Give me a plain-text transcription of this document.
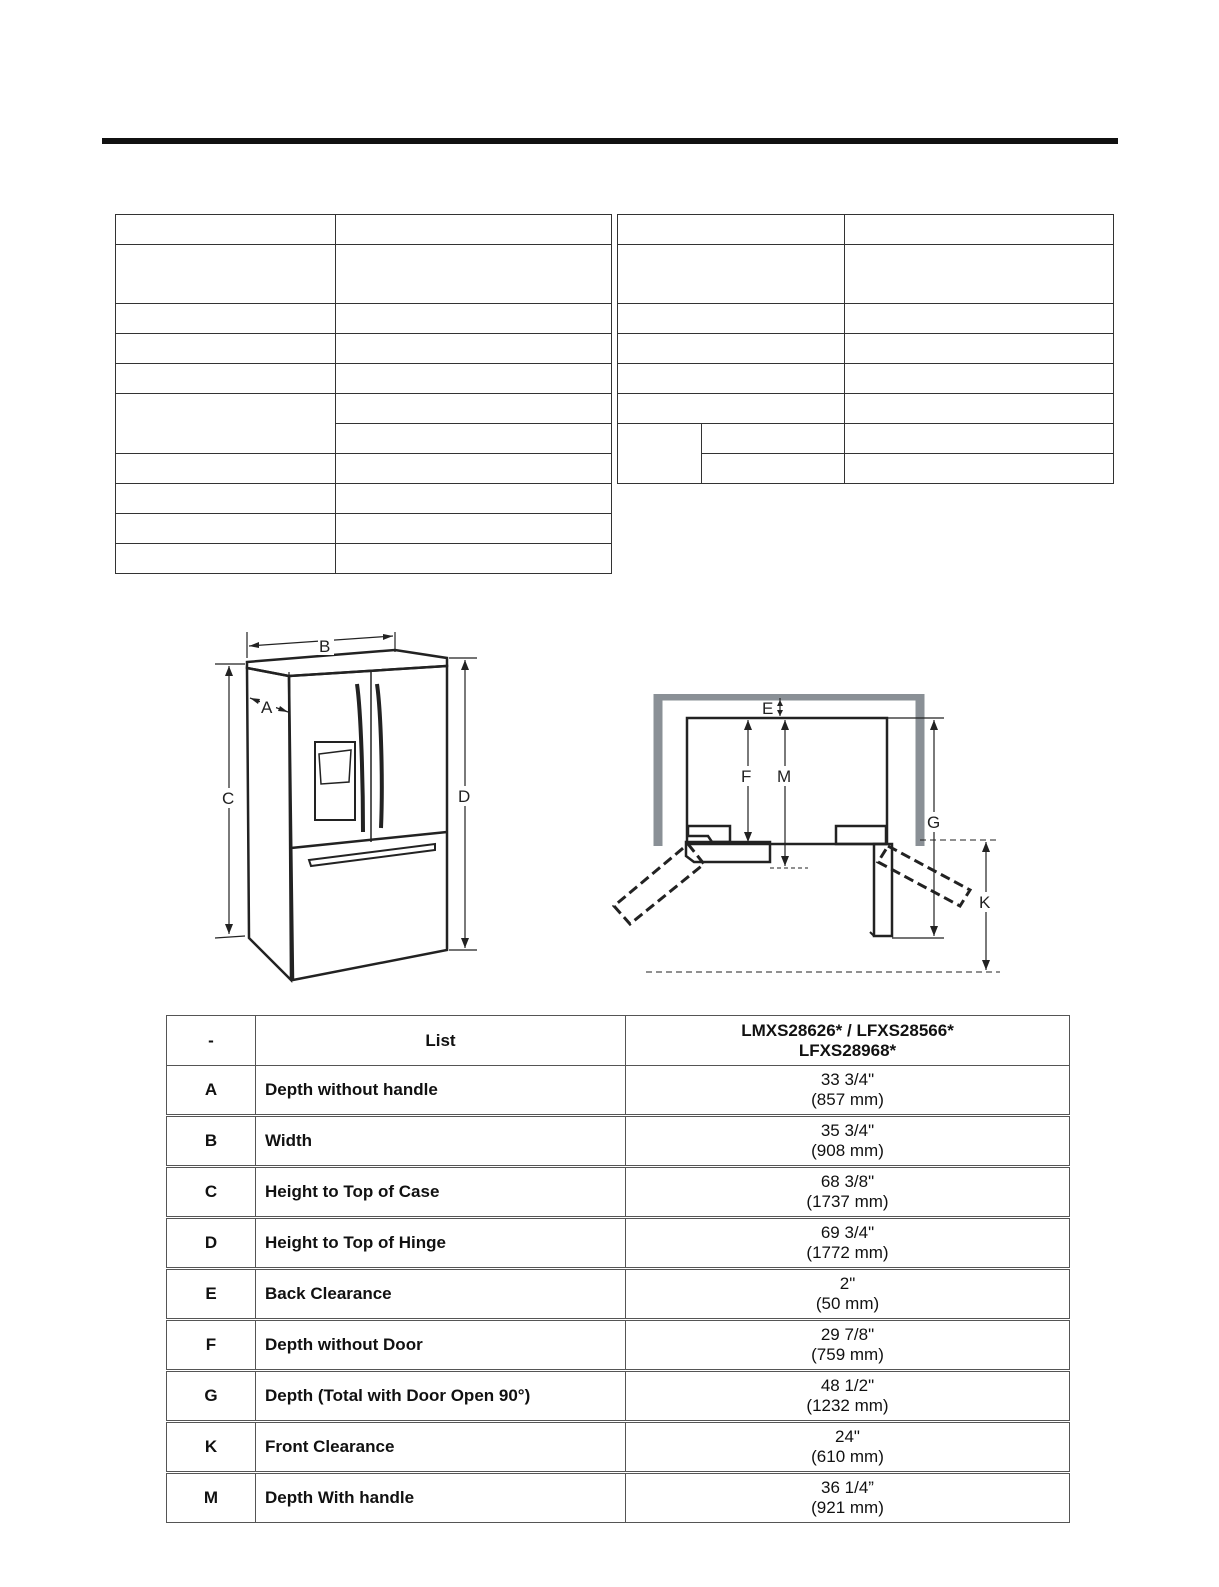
B
A
C	D
E
F M
G
K
-	List	LMXS28626* / LFXS28566*
LFXS28968*

A	Depth without handle	33 3/4"
(857 mm)

B	Width	35 3/4"
(908 mm)

C	Height to Top of Case	68 3/8"
(1737 mm)

D	Height to Top of Hinge	69 3/4"
(1772 mm)

E	Back Clearance	2"
(50 mm)

F	Depth without Door	29 7/8"
(759 mm)

G	Depth (Total with Door Open 90°)	48 1/2"
(1232 mm)

K	Front Clearance	24"
(610 mm)

M	Depth With handle	36 1/4”
(921 mm)
